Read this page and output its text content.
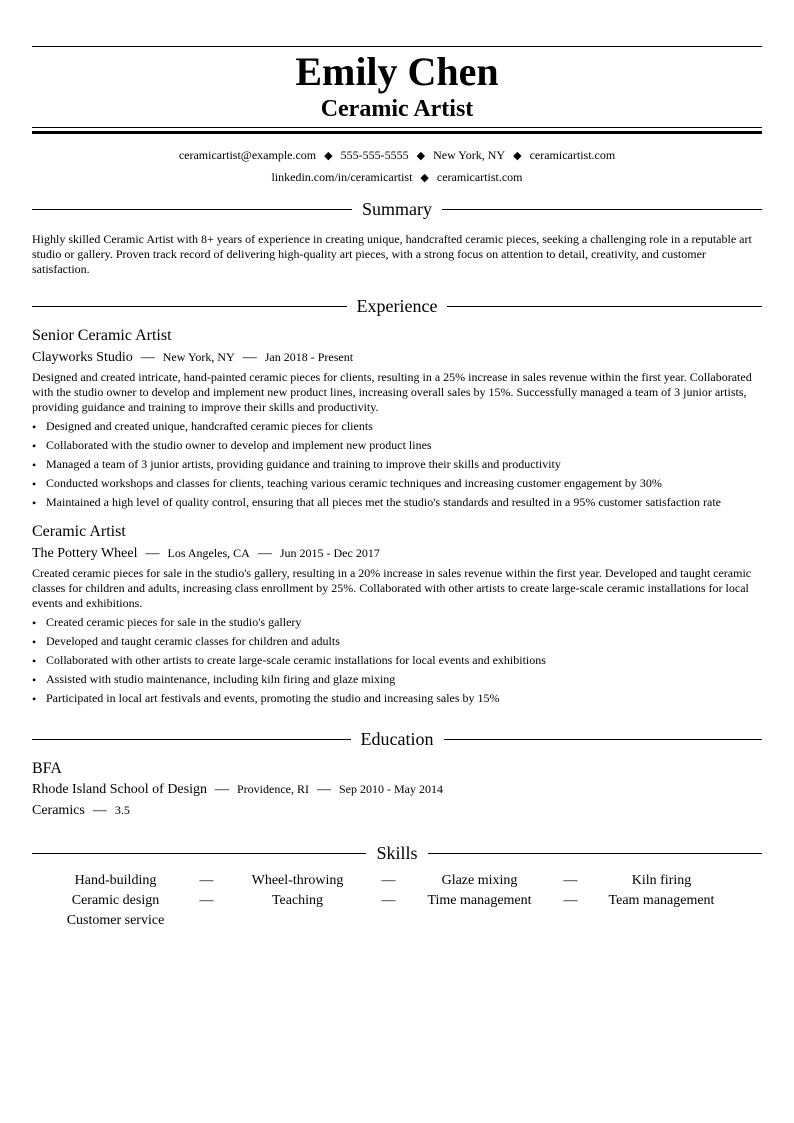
Emily Chen
Ceramic Artist
ceramicartist@example.com ◆ 555-555-5555 ◆ New York, NY ◆ ceramicartist.com
linkedin.com/in/ceramicartist ◆ ceramicartist.com
Summary
Highly skilled Ceramic Artist with 8+ years of experience in creating unique, handcrafted ceramic pieces, seeking a challenging role in a reputable art studio or gallery. Proven track record of delivering high-quality art pieces, with a strong focus on attention to detail, creativity, and customer satisfaction.
Experience
Senior Ceramic Artist
Clayworks Studio — New York, NY — Jan 2018 - Present
Designed and created intricate, hand-painted ceramic pieces for clients, resulting in a 25% increase in sales revenue within the first year. Collaborated with the studio owner to develop and implement new product lines, increasing overall sales by 15%. Successfully managed a team of 3 junior artists, providing guidance and training to improve their skills and productivity.
• Designed and created unique, handcrafted ceramic pieces for clients
• Collaborated with the studio owner to develop and implement new product lines
• Managed a team of 3 junior artists, providing guidance and training to improve their skills and productivity
• Conducted workshops and classes for clients, teaching various ceramic techniques and increasing customer engagement by 30%
• Maintained a high level of quality control, ensuring that all pieces met the studio's standards and resulted in a 95% customer satisfaction rate
Ceramic Artist
The Pottery Wheel — Los Angeles, CA — Jun 2015 - Dec 2017
Created ceramic pieces for sale in the studio's gallery, resulting in a 20% increase in sales revenue within the first year. Developed and taught ceramic classes for children and adults, increasing class enrollment by 25%. Collaborated with other artists to create large-scale ceramic installations for local events and exhibitions.
• Created ceramic pieces for sale in the studio's gallery
• Developed and taught ceramic classes for children and adults
• Collaborated with other artists to create large-scale ceramic installations for local events and exhibitions
• Assisted with studio maintenance, including kiln firing and glaze mixing
• Participated in local art festivals and events, promoting the studio and increasing sales by 15%
Education
BFA
Rhode Island School of Design — Providence, RI — Sep 2010 - May 2014
Ceramics — 3.5
Skills
Hand-building	—	Wheel-throwing	—	Glaze mixing	—	Kiln firing
Ceramic design	—	Teaching	—	Time management	—	Team management
Customer service
